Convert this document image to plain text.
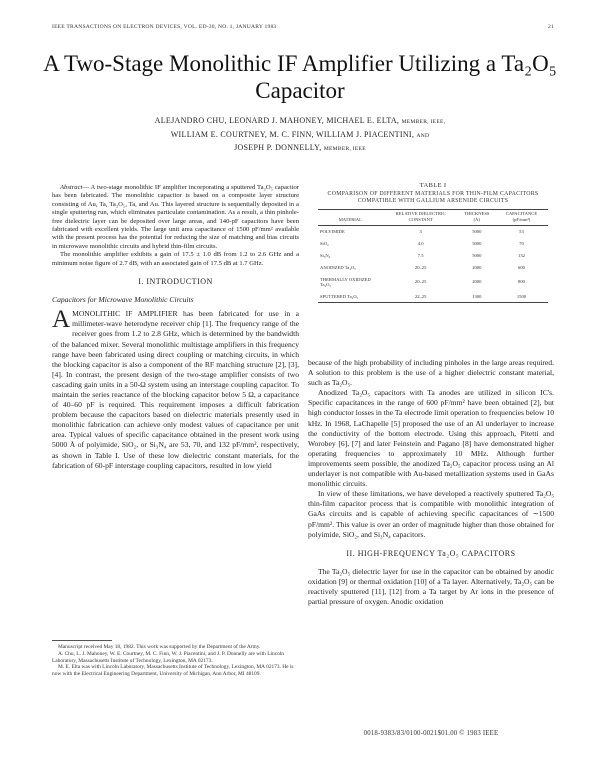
IEEE TRANSACTIONS ON ELECTRON DEVICES, VOL. ED-30, NO. 1, JANUARY 1983	21
A Two-Stage Monolithic IF Amplifier Utilizing a Ta₂O₅ Capacitor
ALEJANDRO CHU, LEONARD J. MAHONEY, MICHAEL E. ELTA, MEMBER, IEEE,
WILLIAM E. COURTNEY, M. C. FINN, WILLIAM J. PIACENTINI, AND
JOSEPH P. DONNELLY, MEMBER, IEEE

Abstract— A two-stage monolithic IF amplifier incorporating a sputtered Ta₂O₅ capacitor has been fabricated. The monolithic capacitor is based on a composite layer structure consisting of Au, Ta, Ta₂O₅, Ta, and Au. This layered structure is sequentially deposited in a single sputtering run, which eliminates particulate contamination. As a result, a thin pinhole-free dielectric layer can be deposited over large areas, and 140-pF capacitors have been fabricated with excellent yields. The large unit area capacitance of 1500 pF/mm² available with the present process has the potential for reducing the size of matching and bias circuits in microwave monolithic circuits and hybrid thin-film circuits.

The monolithic amplifier exhibits a gain of 17.5 ± 1.0 dB from 1.2 to 2.6 GHz and a minimum noise figure of 2.7 dB, with an associated gain of 17.5 dB at 1.7 GHz.

I. INTRODUCTION
Capacitors for Microwave Monolithic Circuits

AMONOLITHIC IF AMPLIFIER has been fabricated for use in a millimeter-wave heterodyne receiver chip [1]. The frequency range of the receiver goes from 1.2 to 2.8 GHz, which is determined by the bandwidth of the balanced mixer. Several monolithic multistage amplifiers in this frequency range have been fabricated using direct coupling or matching circuits, in which the blocking capacitor is also a component of the RF matching structure [2], [3], [4]. In contrast, the present design of the two-stage amplifier consists of two cascading gain units in a 50-Ω system using an interstage coupling capacitor. To maintain the series reactance of the blocking capacitor below 5 Ω, a capacitance of 40–60 pF is required. This requirement imposes a difficult fabrication problem because the capacitors based on dielectric materials presently used in monolithic fabrication can achieve only modest values of capacitance per unit area. Typical values of specific capacitance obtained in the present work using 5000 Å of polyimide, SiO₂, or Si₃N₄ are 53, 70, and 132 pF/mm², respectively, as shown in Table I. Use of these low dielectric constant materials, for the fabrication of 60-pF interstage coupling capacitors, resulted in low yield

Manuscript received May 18, 1982. This work was supported by the Department of the Army.

A. Chu, L. J. Mahoney, W. E. Courtney, M. C. Finn, W. J. Piacentini, and J. P. Donnelly are with Lincoln Laboratory, Massachusetts Institute of Technology, Lexington, MA 02173.

M. E. Elta was with Lincoln Laboratory, Massachusetts Institute of Technology, Lexington, MA 02173. He is now with the Electrical Engineering Department, University of Michigan, Ann Arbor, MI 48109.

TABLE I
COMPARISON OF DIFFERENT MATERIALS FOR THIN-FILM CAPACITORS COMPATIBLE WITH GALLIUM ARSENIDE CIRCUITS
MATERIAL	RELATIVE DIELECTRIC CONSTANT	THICKNESS (Å)	CAPACITANCE (pF/mm²)
POLYIMIDE	3	5000	53
SiO₂	4.0	5000	70
Si₃N₄	7.5	5000	132
ANODIZED Ta₂O₅	20–25	2000	600
THERMALLY OXIDIZED Ta₂O₅	20–25	2000	800
SPUTTERED Ta₂O₅	22–25	1300	1500

because of the high probability of including pinholes in the large areas required. A solution to this problem is the use of a higher dielectric constant material, such as Ta₂O₅.

Anodized Ta₂O₅ capacitors with Ta anodes are utilized in silicon IC's. Specific capacitances in the range of 600 pF/mm² have been obtained [2], but high conductor losses in the Ta electrode limit operation to frequencies below 10 kHz. In 1968, LaChapelle [5] proposed the use of an Al underlayer to increase the conductivity of the bottom electrode. Using this approach, Pitetti and Worobey [6], [7] and later Feinstein and Pagano [8] have demonstrated higher operating frequencies to approximately 10 MHz. Although further improvements seem possible, the anodized Ta₂O₅ capacitor process using an Al underlayer is not compatible with Au-based metallization systems used in GaAs monolithic circuits.

In view of these limitations, we have developed a reactively sputtered Ta₂O₅ thin-film capacitor process that is compatible with monolithic integration of GaAs circuits and is capable of achieving specific capacitances of ∼1500 pF/mm². This value is over an order of magnitude higher than those obtained for polyimide, SiO₂, and Si₃N₄ capacitors.

II. HIGH-FREQUENCY Ta₂O₅ CAPACITORS

The Ta₂O₅ dielectric layer for use in the capacitor can be obtained by anodic oxidation [9] or thermal oxidation [10] of a Ta layer. Alternatively, Ta₂O₅ can be reactively sputtered [11], [12] from a Ta target by Ar ions in the presence of partial pressure of oxygen. Anodic oxidation

0018-9383/83/0100-0021$01.00 © 1983 IEEE
